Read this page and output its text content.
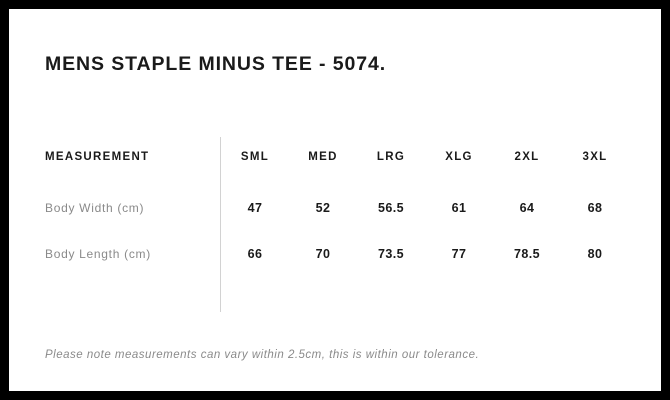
MENS STAPLE MINUS TEE - 5074.
MEASUREMENT	SML	MED	LRG	XLG	2XL	3XL
Body Width (cm)	47	52	56.5	61	64	68
Body Length (cm)	66	70	73.5	77	78.5	80
Please note measurements can vary within 2.5cm, this is within our tolerance.
